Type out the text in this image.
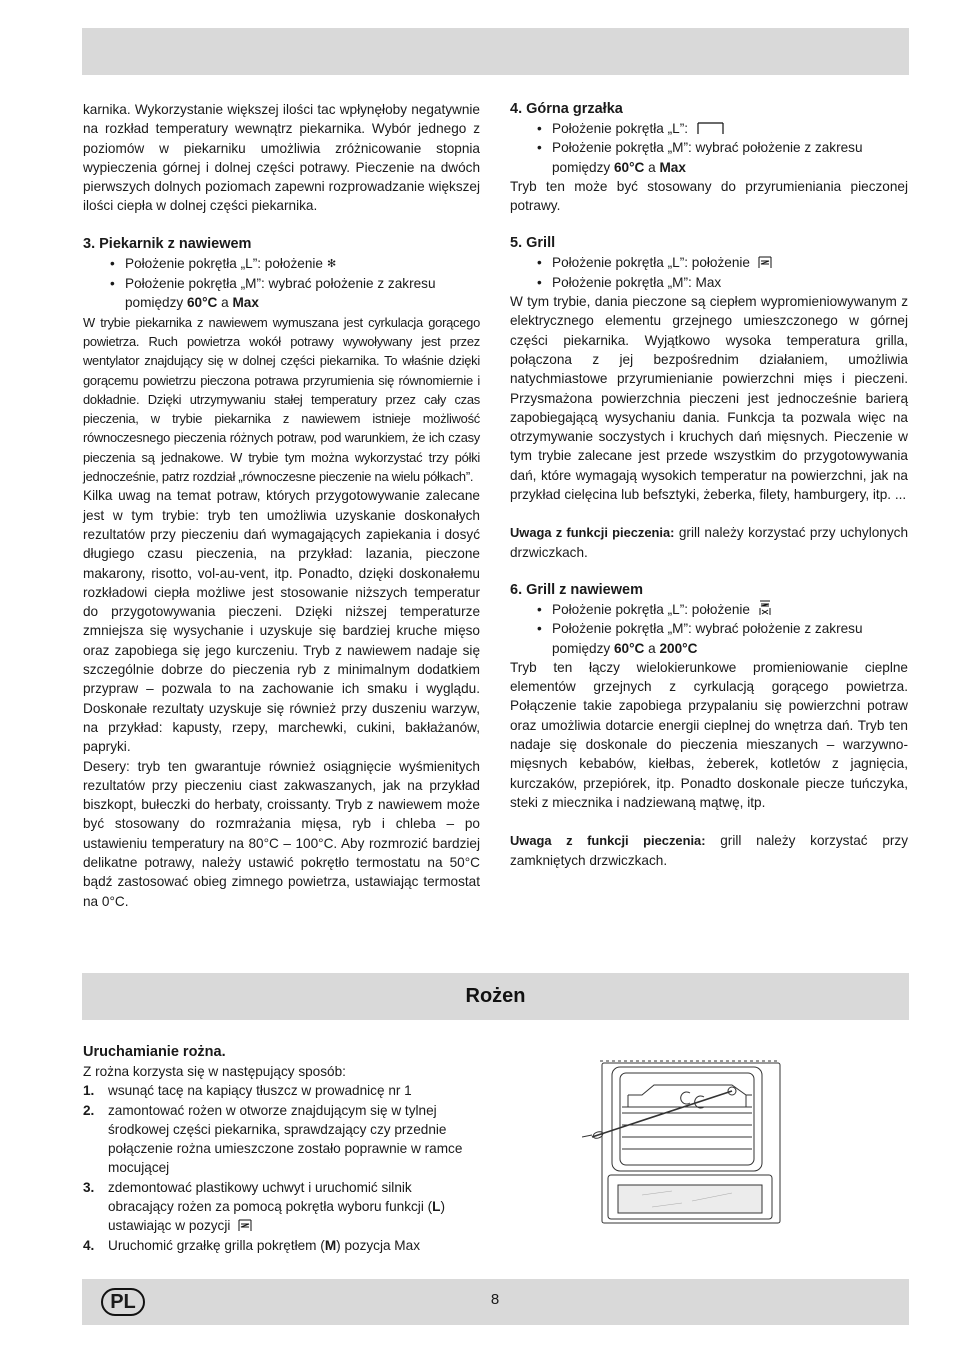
karnika. Wykorzystanie większej ilości tac wpłynęłoby negatywnie na rozkład temperatury wewnątrz piekarnika. Wybór jednego z poziomów w piekarniku umożliwia zróżnicowanie stopnia wypieczenia górnej i dolnej części potrawy. Pieczenie na dwóch pierwszych dolnych poziomach zapewni rozprowadzanie większej ilości ciepła w dolnej części piekarnika.

3. Piekarnik z nawiewem
• Położenie pokrętła „L”: położenie ✻
• Położenie pokrętła „M”: wybrać położenie z zakresu pomiędzy 60°C a Max

W trybie piekarnika z nawiewem wymuszana jest cyrkulacja gorącego powietrza. Ruch powietrza wokół potrawy wywoływany jest przez wentylator znajdujący się w dolnej części piekarnika. To właśnie dzięki gorącemu powietrzu pieczona potrawa przyrumienia się równomiernie i dokładnie. Dzięki utrzymywaniu stałej temperatury przez cały czas pieczenia, w trybie piekarnika z nawiewem istnieje możliwość równoczesnego pieczenia różnych potraw, pod warunkiem, że ich czasy pieczenia są jednakowe. W trybie tym można wykorzystać trzy półki jednocześnie, patrz rozdział „równoczesne pieczenie na wielu półkach”.

Kilka uwag na temat potraw, których przygotowywanie zalecane jest w tym trybie: tryb ten umożliwia uzyskanie doskonałych rezultatów przy pieczeniu dań wymagających zapiekania i dosyć długiego czasu pieczenia, na przykład: lazania, pieczone makarony, risotto, vol-au-vent, itp. Ponadto, dzięki doskonałemu rozkładowi ciepła możliwe jest stosowanie niższych temperatur do przygotowywania pieczeni. Dzięki niższej temperaturze zmniejsza się wysychanie i uzyskuje się bardziej kruche mięso oraz zapobiega się jego kurczeniu. Tryb z nawiewem nadaje się szczególnie dobrze do pieczenia ryb z minimalnym dodatkiem przypraw – pozwala to na zachowanie ich smaku i wyglądu. Doskonałe rezultaty uzyskuje się również przy duszeniu warzyw, na przykład: kapusty, rzepy, marchewki, cukini, bakłażanów, papryki.

Desery: tryb ten gwarantuje również osiągnięcie wyśmienitych rezultatów przy pieczeniu ciast zakwaszanych, jak na przykład biszkopt, bułeczki do herbaty, croissanty. Tryb z nawiewem może być stosowany do rozmrażania mięsa, ryb i chleba – po ustawieniu temperatury na 80°C – 100°C. Aby rozmrozić bardziej delikatne potrawy, należy ustawić pokrętło termostatu na 50°C bądź zastosować obieg zimnego powietrza, ustawiając termostat na 0°C.

4. Górna grzałka
• Położenie pokrętła „L”:
• Położenie pokrętła „M”: wybrać położenie z zakresu pomiędzy 60°C a Max

Tryb ten może być stosowany do przyrumieniania pieczonej potrawy.

5. Grill
• Położenie pokrętła „L”: położenie
• Położenie pokrętła „M”: Max

W tym trybie, dania pieczone są ciepłem wypromieniowywanym z elektrycznego elementu grzejnego umieszczonego w górnej części piekarnika. Wyjątkowo wysoka temperatura grilla, połączona z jej bezpośrednim działaniem, umożliwia natychmiastowe przyrumienianie powierzchni mięs i pieczeni. Przysmażona powierzchnia pieczeni jest jednocześnie barierą zapobiegającą wysychaniu dania. Funkcja ta pozwala więc na otrzymywanie soczystych i kruchych dań mięsnych. Pieczenie w tym trybie zalecane jest przede wszystkim do przygotowywania dań, które wymagają wysokich temperatur na powierzchni, jak na przykład cielęcina lub befsztyki, żeberka, filety, hamburgery, itp. ...

Uwaga z funkcji pieczenia: grill należy korzystać przy uchylonych drzwiczkach.

6. Grill z nawiewem
• Położenie pokrętła „L”: położenie
• Położenie pokrętła „M”: wybrać położenie z zakresu pomiędzy 60°C a 200°C

Tryb ten łączy wielokierunkowe promieniowanie cieplne elementów grzejnych z cyrkulacją gorącego powietrza. Połączenie takie zapobiega przypalaniu się powierzchni potraw oraz umożliwia dotarcie energii cieplnej do wnętrza dań. Tryb ten nadaje się doskonale do pieczenia mieszanych – warzywno-mięsnych kebabów, kiełbas, żeberek, kotletów z jagnięcia, kurczaków, przepiórek, itp. Ponadto doskonale piecze tuńczyka, steki z miecznika i nadziewaną mątwę, itp.

Uwaga z funkcji pieczenia: grill należy korzystać przy zamkniętych drzwiczkach.

Rożen
Uruchamianie rożna.

Z rożna korzysta się w następujący sposób:

1. wsunąć tacę na kapiący tłuszcz w prowadnicę nr 1
2. zamontować rożen w otworze znajdującym się w tylnej środkowej części piekarnika, sprawdzający czy przednie połączenie rożna umieszczone zostało poprawnie w ramce mocującej
3. zdemontować plastikowy uchwyt i uruchomić silnik obracający rożen za pomocą pokrętła wyboru funkcji (L) ustawiając w pozycji
4. Uruchomić grzałkę grilla pokrętłem (M) pozycja Max
PL	8
